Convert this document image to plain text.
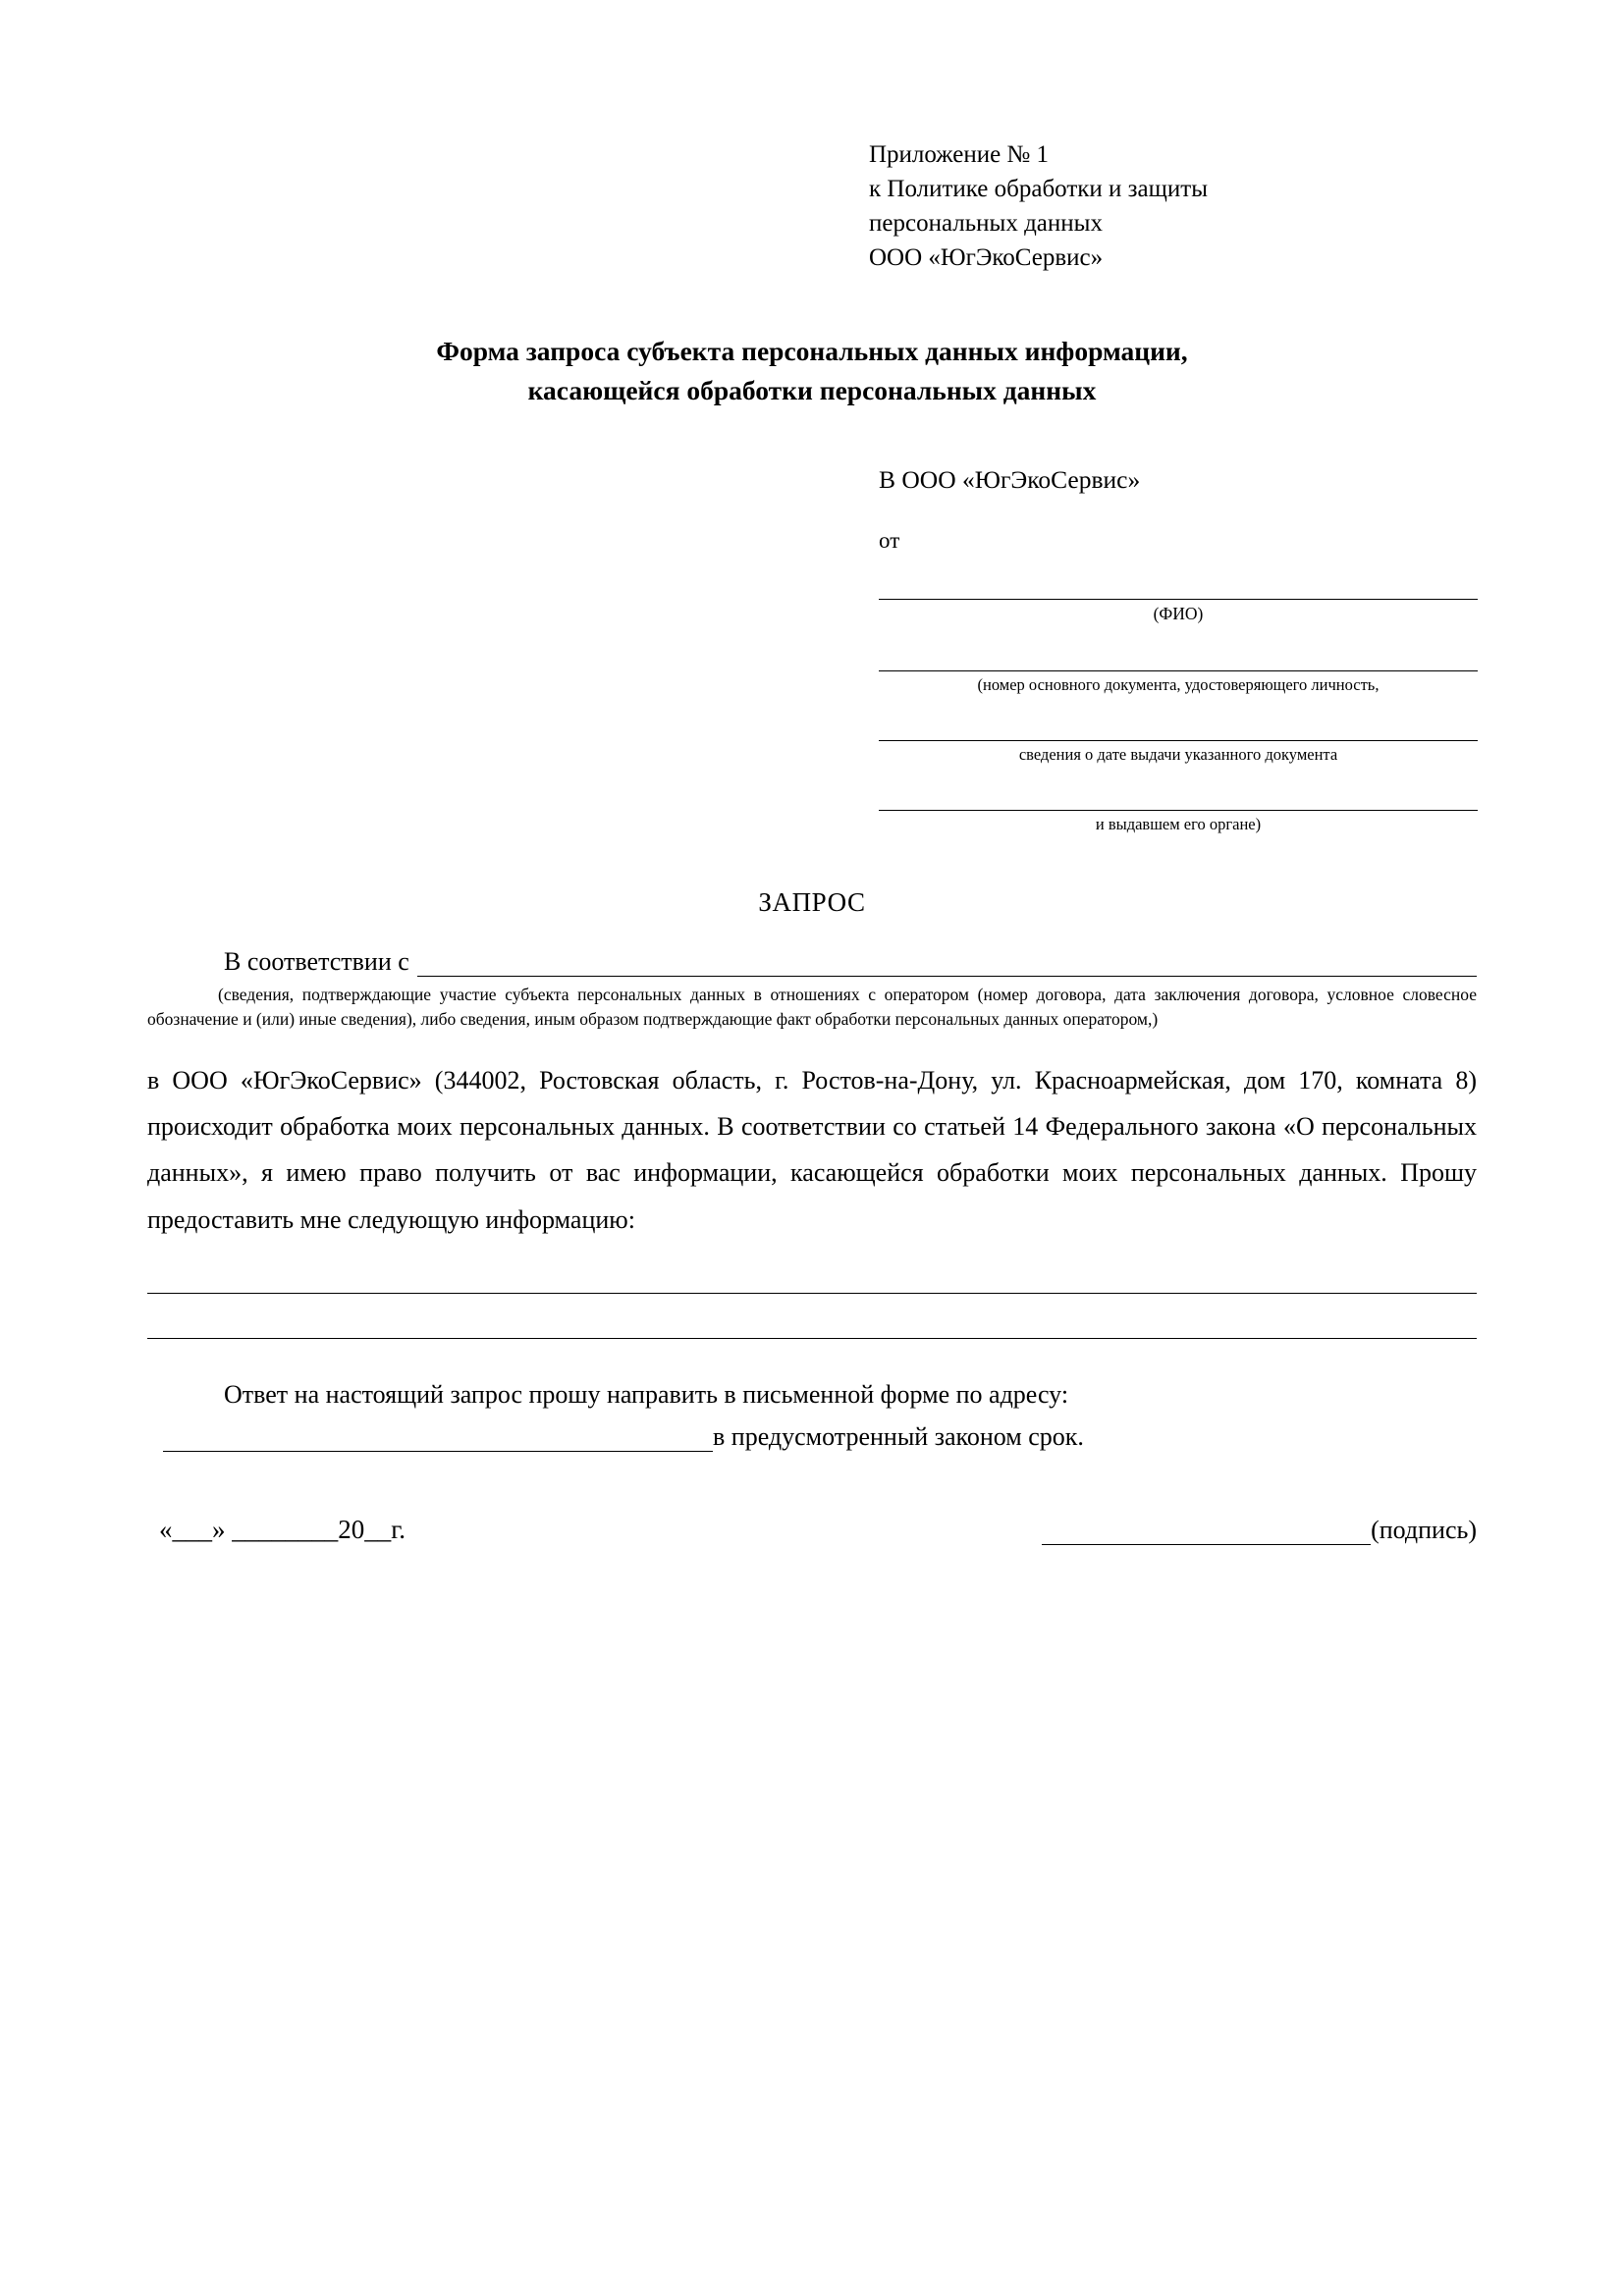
Приложение № 1
к Политике обработки и защиты
персональных данных
ООО «ЮгЭкоСервис»
Форма запроса субъекта персональных данных информации,
касающейся обработки персональных данных
В ООО «ЮгЭкоСервис»
от
(ФИО)
(номер основного документа, удостоверяющего личность,
сведения о дате выдачи указанного документа
и выдавшем его органе)
ЗАПРОС
В соответствии с
(сведения, подтверждающие участие субъекта персональных данных в отношениях с оператором (номер договора, дата заключения договора, условное словесное обозначение и (или) иные сведения), либо сведения, иным образом подтверждающие факт обработки персональных данных оператором,)
в ООО «ЮгЭкоСервис» (344002, Ростовская область, г. Ростов-на-Дону, ул. Красноармейская, дом 170, комната 8) происходит обработка моих персональных данных. В соответствии со статьей 14 Федерального закона «О персональных данных», я имею право получить от вас информации, касающейся обработки моих персональных данных. Прошу предоставить мне следующую информацию:
Ответ на настоящий запрос прошу направить в письменной форме по адресу:
в предусмотренный законом срок.
«___» ________20__г.	(подпись)
